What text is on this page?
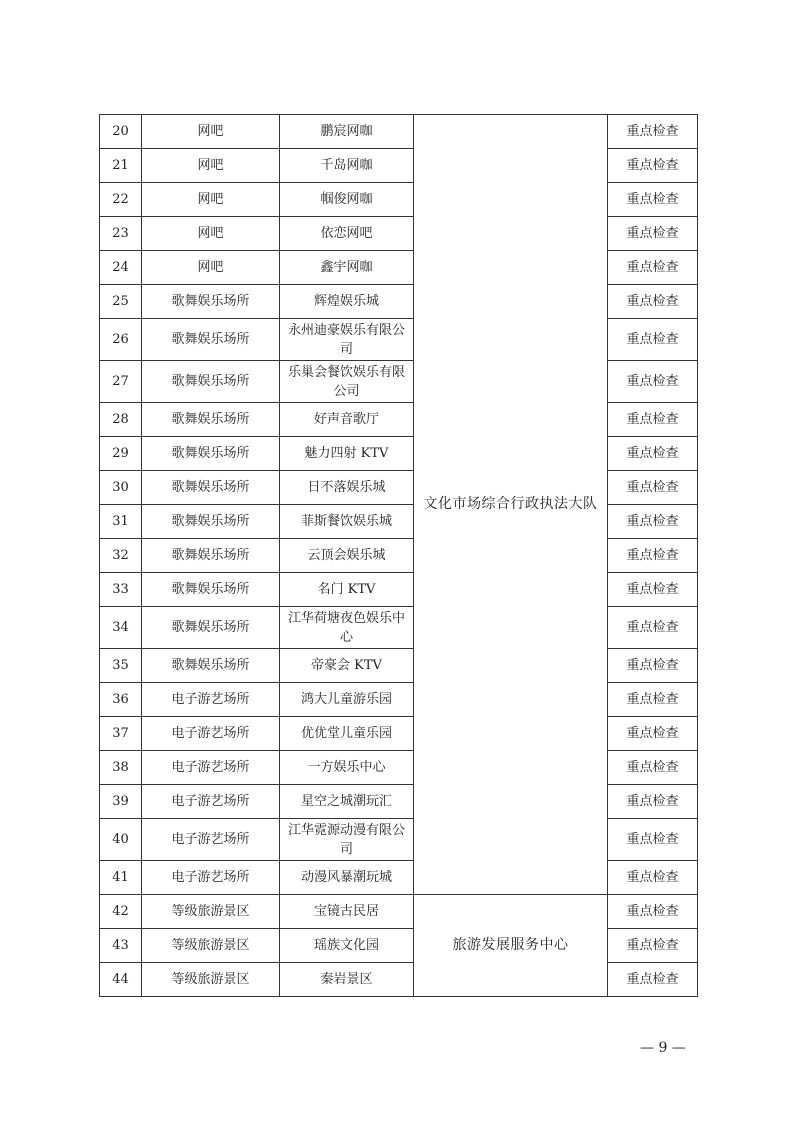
20	网吧	鹏宸网咖	文化市场综合行政执法大队	重点检查
21	网吧	千岛网咖		重点检查
22	网吧	帼俊网咖		重点检查
23	网吧	依恋网吧		重点检查
24	网吧	鑫宇网咖		重点检查
25	歌舞娱乐场所	辉煌娱乐城		重点检查
26	歌舞娱乐场所	永州迪豪娱乐有限公司		重点检查
27	歌舞娱乐场所	乐巢会餐饮娱乐有限公司		重点检查
28	歌舞娱乐场所	好声音歌厅		重点检查
29	歌舞娱乐场所	魅力四射 KTV		重点检查
30	歌舞娱乐场所	日不落娱乐城		重点检查
31	歌舞娱乐场所	菲斯餐饮娱乐城		重点检查
32	歌舞娱乐场所	云顶会娱乐城		重点检查
33	歌舞娱乐场所	名门 KTV		重点检查
34	歌舞娱乐场所	江华荷塘夜色娱乐中心		重点检查
35	歌舞娱乐场所	帝豪会 KTV		重点检查
36	电子游艺场所	鸿大儿童游乐园		重点检查
37	电子游艺场所	优优堂儿童乐园		重点检查
38	电子游艺场所	一方娱乐中心		重点检查
39	电子游艺场所	星空之城潮玩汇		重点检查
40	电子游艺场所	江华霓源动漫有限公司		重点检查
41	电子游艺场所	动漫风暴潮玩城		重点检查
42	等级旅游景区	宝镜古民居	旅游发展服务中心	重点检查
43	等级旅游景区	瑶族文化园		重点检查
44	等级旅游景区	秦岩景区		重点检查
— 9 —
